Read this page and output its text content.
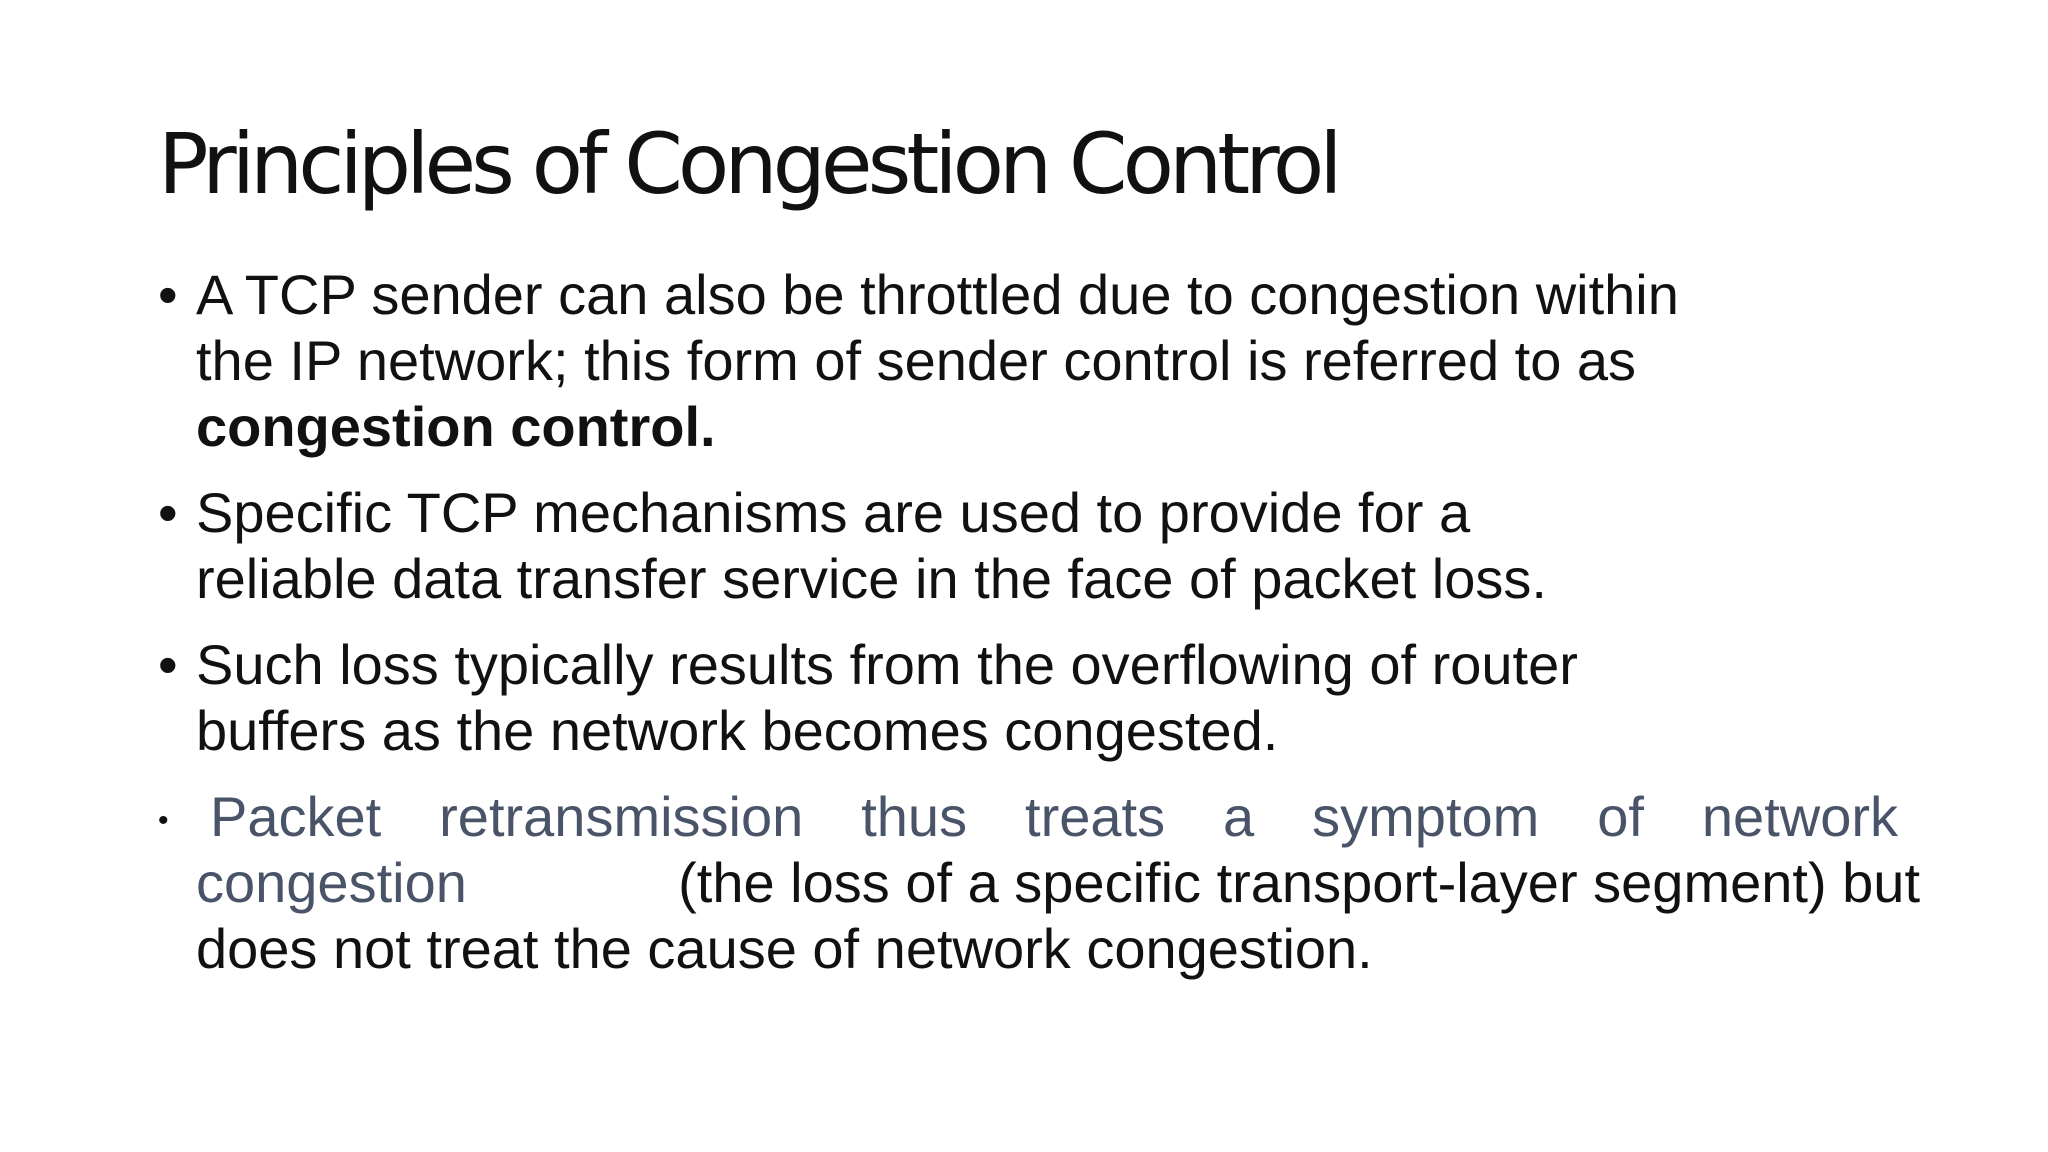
Principles of Congestion Control
• A TCP sender can also be throttled due to congestion within
the IP network; this form of sender control is referred to as
congestion control.
• Specific TCP mechanisms are used to provide for a
reliable data transfer service in the face of packet loss.
• Such loss typically results from the overflowing of router
buffers as the network becomes congested.
• Packet retransmission thus treats a symptom of network
congestion	(the loss of a specific transport-layer segment) but
does not treat the cause of network congestion.
